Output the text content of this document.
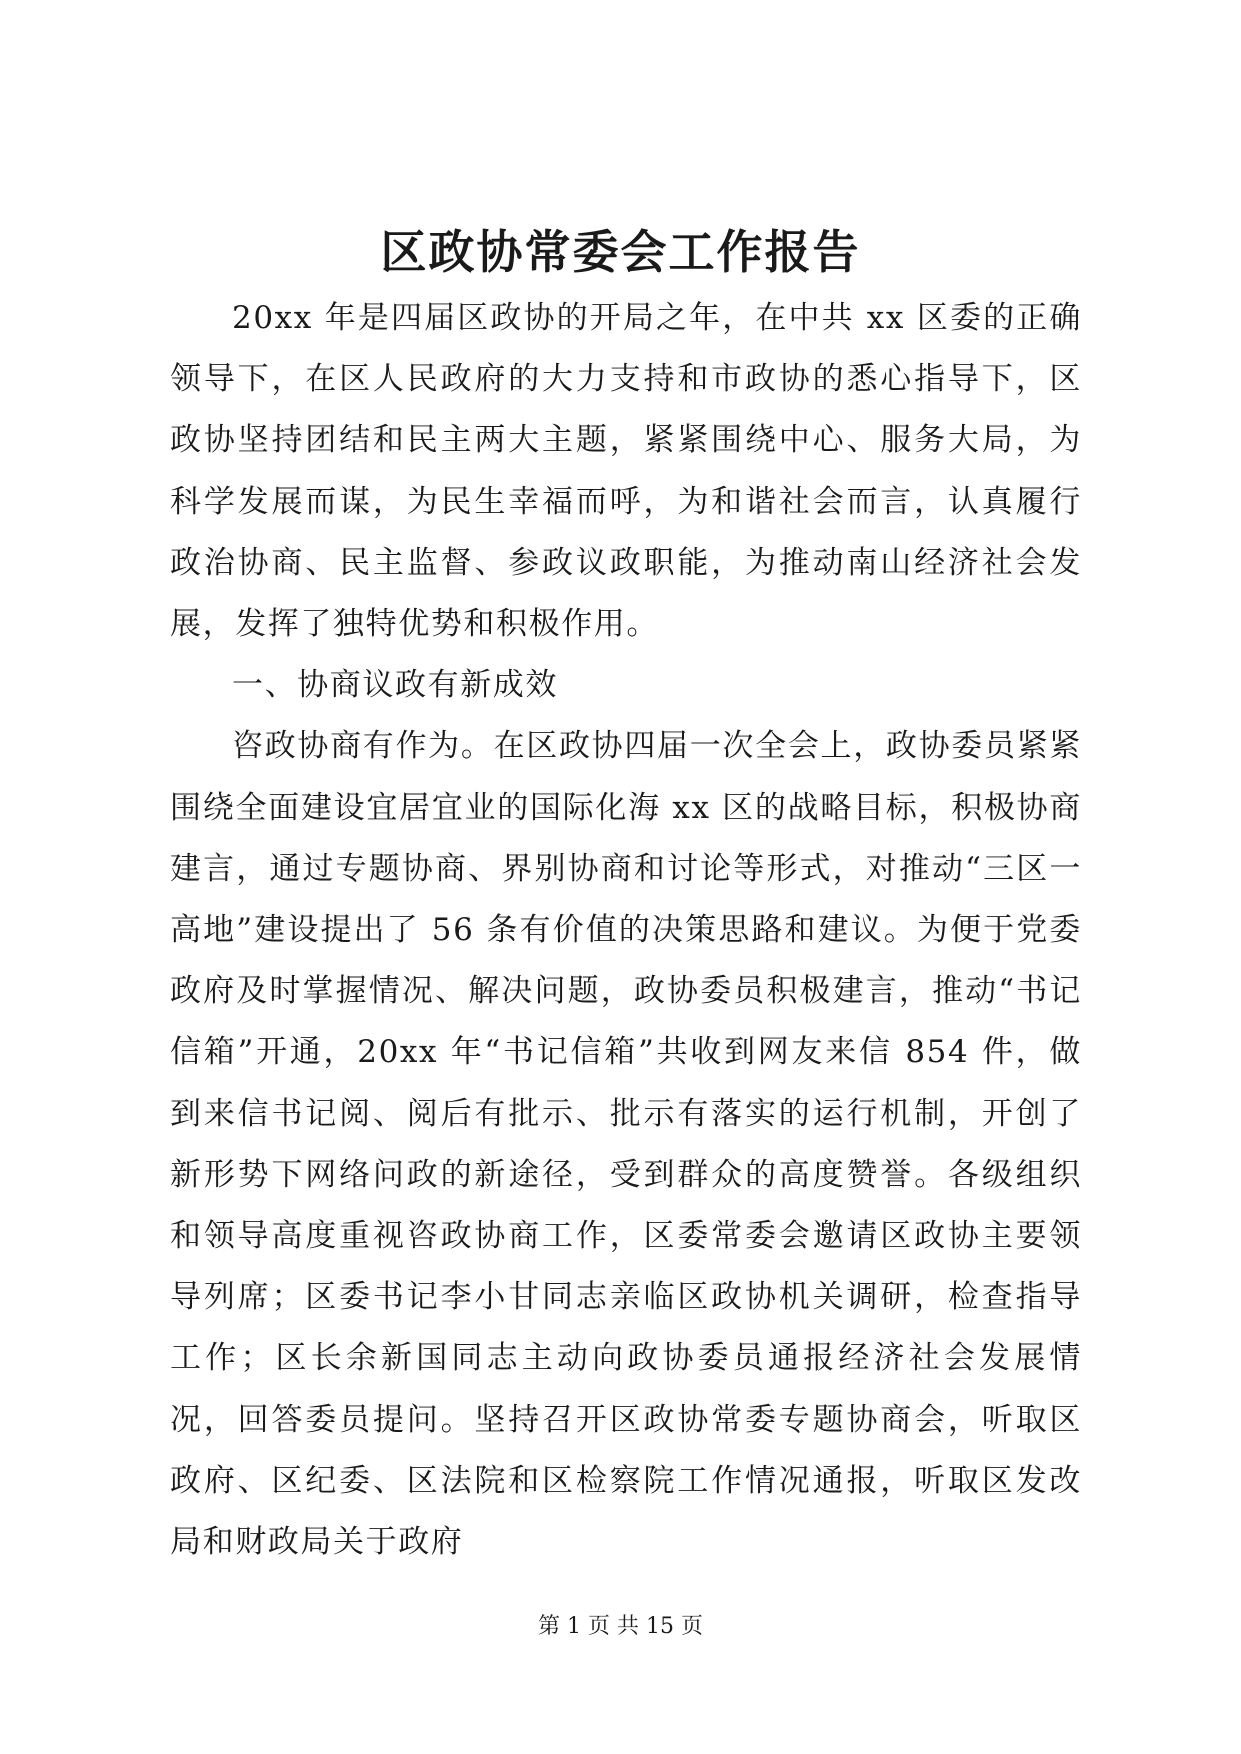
区政协常委会工作报告

20xx 年是四届区政协的开局之年，在中共 xx 区委的正确领导下，在区人民政府的大力支持和市政协的悉心指导下，区政协坚持团结和民主两大主题，紧紧围绕中心、服务大局，为科学发展而谋，为民生幸福而呼，为和谐社会而言，认真履行政治协商、民主监督、参政议政职能，为推动南山经济社会发展，发挥了独特优势和积极作用。

一、协商议政有新成效

咨政协商有作为。在区政协四届一次全会上，政协委员紧紧围绕全面建设宜居宜业的国际化海 xx 区的战略目标，积极协商建言，通过专题协商、界别协商和讨论等形式，对推动“三区一高地”建设提出了 56 条有价值的决策思路和建议。为便于党委政府及时掌握情况、解决问题，政协委员积极建言，推动“书记信箱”开通，20xx 年“书记信箱”共收到网友来信 854 件，做到来信书记阅、阅后有批示、批示有落实的运行机制，开创了新形势下网络问政的新途径，受到群众的高度赞誉。各级组织和领导高度重视咨政协商工作，区委常委会邀请区政协主要领导列席；区委书记李小甘同志亲临区政协机关调研，检查指导工作；区长余新国同志主动向政协委员通报经济社会发展情况，回答委员提问。坚持召开区政协常委专题协商会，听取区政府、区纪委、区法院和区检察院工作情况通报，听取区发改局和财政局关于政府

第 1 页 共 15 页
